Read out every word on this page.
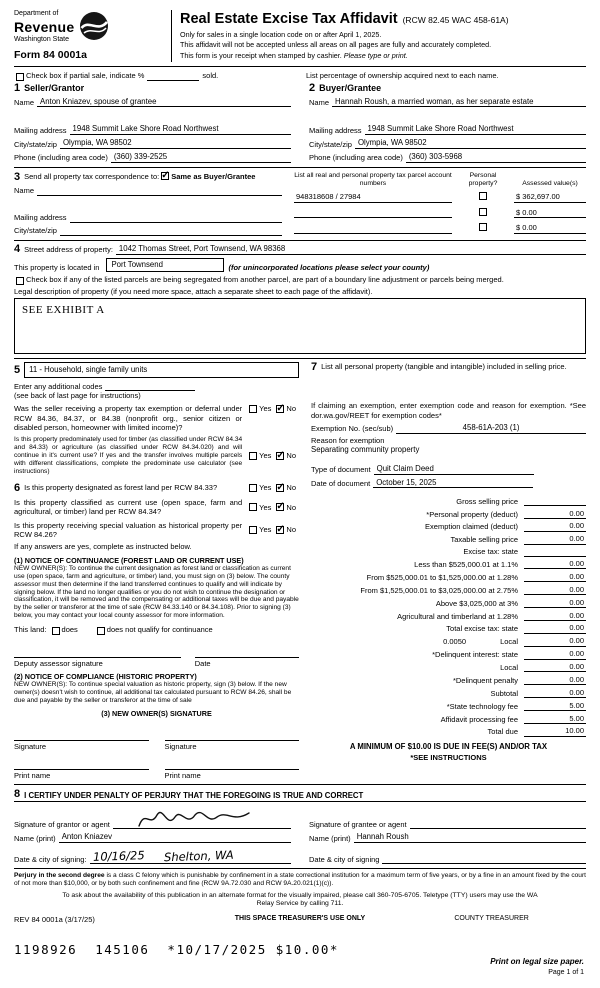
Department of
Revenue
Washington State
Form 84 0001a
Real Estate Excise Tax Affidavit (RCW 82.45 WAC 458-61A)
Only for sales in a single location code on or after April 1, 2025.
This affidavit will not be accepted unless all areas on all pages are fully and accurately completed.
This form is your receipt when stamped by cashier. Please type or print.
Check box if partial sale, indicate %	sold.	List percentage of ownership acquired next to each name.
1 Seller/Grantor
Name Anton Kniazev, spouse of grantee
Mailing address 1948 Summit Lake Shore Road Northwest
City/state/zip Olympia, WA 98502
Phone (including area code) (360) 339-2525
2 Buyer/Grantee
Name Hannah Roush, a married woman, as her separate estate
Mailing address 1948 Summit Lake Shore Road Northwest
City/state/zip Olympia, WA 98502
Phone (including area code) (360) 303-5968
3 Send all property tax correspondence to: ✓ Same as Buyer/Grantee
Name
Mailing address
City/state/zip
List all real and personal property tax parcel account numbers
Personal property?	Assessed value(s)
948318608 / 27984	$ 362,697.00
$ 0.00
$ 0.00
4 Street address of property: 1042 Thomas Street, Port Townsend, WA 98368
This property is located in	Port Townsend	(for unincorporated locations please select your county)
Check box if any of the listed parcels are being segregated from another parcel, are part of a boundary line adjustment or parcels being merged.
Legal description of property (if you need more space, attach a separate sheet to each page of the affidavit).
SEE EXHIBIT A
5	11 - Household, single family units
Enter any additional codes
(see back of last page for instructions)
Was the seller receiving a property tax exemption or deferral under RCW 84.36, 84.37, or 84.38 (nonprofit org., senior citizen or disabled person, homeowner with limited income)?
Yes ✓ No
Is this property predominately used for timber (as classified under RCW 84.34 and 84.33) or agriculture (as classified under RCW 84.34.020) and will continue in it's current use? If yes and the transfer involves multiple parcels with different classifications, complete the predominate use calculator (see instructions)
Yes ✓ No
6 Is this property designated as forest land per RCW 84.33?	Yes ✓ No
Is this property classified as current use (open space, farm and agricultural, or timber) land per RCW 84.34?
Yes ✓ No
Is this property receiving special valuation as historical property per RCW 84.26?
Yes ✓ No
If any answers are yes, complete as instructed below.
(1) NOTICE OF CONTINUANCE (FOREST LAND OR CURRENT USE)
NEW OWNER(S): To continue the current designation as forest land or classification as current use (open space, farm and agriculture, or timber) land, you must sign on (3) below. The county assessor must then determine if the land transferred continues to qualify and will indicate by signing below. If the land no longer qualifies or you do not wish to continue the designation or classification, it will be removed and the compensating or additional taxes will be due and payable by the seller or transferor at the time of sale (RCW 84.33.140 or 84.34.108). Prior to signing (3) below, you may contact your local county assessor for more information.
This land: does	does not qualify for continuance
Deputy assessor signature	Date
(2) NOTICE OF COMPLIANCE (HISTORIC PROPERTY)
NEW OWNER(S): To continue special valuation as historic property, sign (3) below. If the new owner(s) doesn't wish to continue, all additional tax calculated pursuant to RCW 84.26, shall be due and payable by the seller or transferor at the time of sale
(3) NEW OWNER(S) SIGNATURE
Signature	Signature
Print name	Print name
7 List all personal property (tangible and intangible) included in selling price.
If claiming an exemption, enter exemption code and reason for exemption. *See dor.wa.gov/REET for exemption codes*
Exemption No. (sec/sub)	458-61A-203 (1)
Reason for exemption
Separating community property
Type of document Quit Claim Deed
Date of document October 15, 2025
Gross selling price
*Personal property (deduct)	0.00
Exemption claimed (deduct)	0.00
Taxable selling price	0.00
Excise tax: state
Less than $525,000.01 at 1.1%	0.00
From $525,000.01 to $1,525,000.00 at 1.28%	0.00
From $1,525,000.01 to $3,025,000.00 at 2.75%	0.00
Above $3,025,000 at 3%	0.00
Agricultural and timberland at 1.28%	0.00
Total excise tax: state	0.00
0.0050	Local	0.00
*Delinquent interest: state	0.00
Local	0.00
*Delinquent penalty	0.00
Subtotal	0.00
*State technology fee	5.00
Affidavit processing fee	5.00
Total due	10.00
A MINIMUM OF $10.00 IS DUE IN FEE(S) AND/OR TAX
*SEE INSTRUCTIONS
8 I CERTIFY UNDER PENALTY OF PERJURY THAT THE FOREGOING IS TRUE AND CORRECT
Signature of grantor or agent
Name (print) Anton Kniazev
Date & city of signing: 10/16/25 Shelton, WA
Signature of grantee or agent
Name (print) Hannah Roush
Date & city of signing
Perjury in the second degree is a class C felony which is punishable by confinement in a state correctional institution for a maximum term of five years, or by a fine in an amount fixed by the court of not more than $10,000, or by both such confinement and fine (RCW 9A.72.030 and RCW 9A.20.021(1)(c)).
To ask about the availability of this publication in an alternate format for the visually impaired, please call 360-705-6705. Teletype (TTY) users may use the WA Relay Service by calling 711.
REV 84 0001a (3/17/25)	THIS SPACE TREASURER'S USE ONLY	COUNTY TREASURER
1198926  145106  *10/17/2025 $10.00*
Print on legal size paper.
Page 1 of 1
